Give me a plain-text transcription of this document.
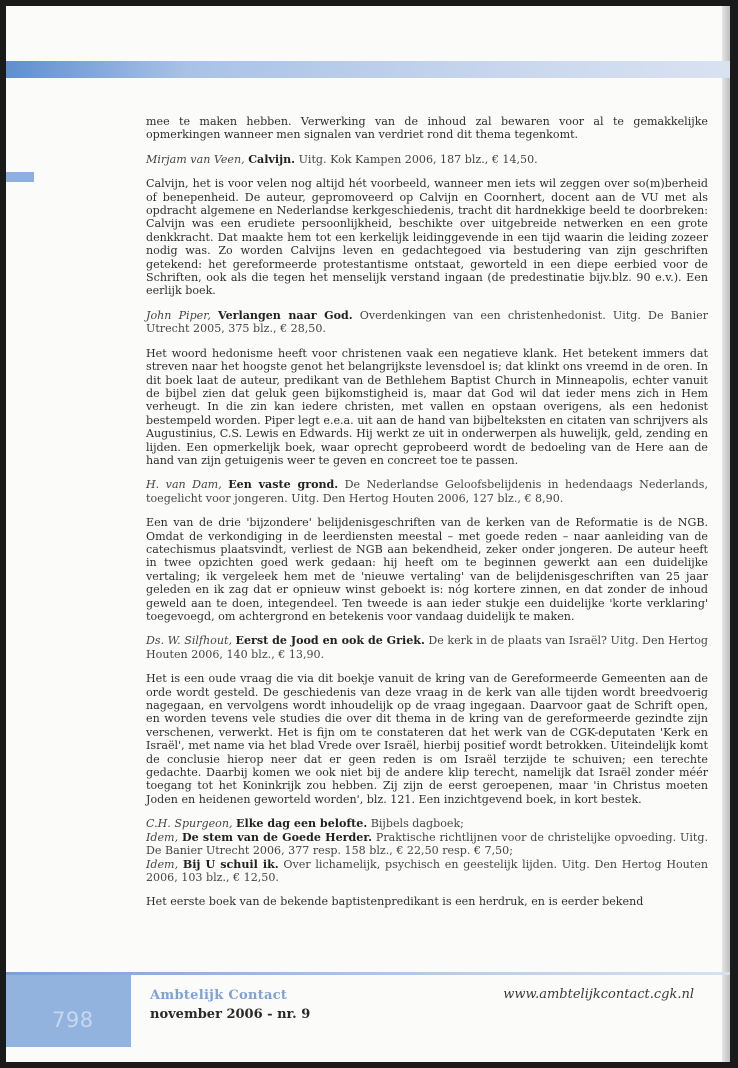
mee te maken hebben. Verwerking van de inhoud zal bewaren voor al te gemakkelijke opmerkingen wanneer men signalen van verdriet rond dit thema tegenkomt.

Mirjam van Veen, Calvijn. Uitg. Kok Kampen 2006, 187 blz., € 14,50.

Calvijn, het is voor velen nog altijd hét voorbeeld, wanneer men iets wil zeggen over so(m)berheid of benepenheid. De auteur, gepromoveerd op Calvijn en Coornhert, docent aan de VU met als opdracht algemene en Nederlandse kerkgeschiedenis, tracht dit hardnekkige beeld te doorbreken: Calvijn was een erudiete persoonlijkheid, beschikte over uitgebreide netwerken en een grote denkkracht. Dat maakte hem tot een kerkelijk leidinggevende in een tijd waarin die leiding zozeer nodig was. Zo worden Calvijns leven en gedachtegoed via bestudering van zijn geschriften getekend: het gereformeerde protestantisme ontstaat, geworteld in een diepe eerbied voor de Schriften, ook als die tegen het menselijk verstand ingaan (de predestinatie bijv.blz. 90 e.v.). Een eerlijk boek.

John Piper, Verlangen naar God. Overdenkingen van een christenhedonist. Uitg. De Banier Utrecht 2005, 375 blz., € 28,50.

Het woord hedonisme heeft voor christenen vaak een negatieve klank. Het betekent immers dat streven naar het hoogste genot het belangrijkste levensdoel is; dat klinkt ons vreemd in de oren. In dit boek laat de auteur, predikant van de Bethlehem Baptist Church in Minneapolis, echter vanuit de bijbel zien dat geluk geen bijkomstigheid is, maar dat God wil dat ieder mens zich in Hem verheugt. In die zin kan iedere christen, met vallen en opstaan overigens, als een hedonist bestempeld worden. Piper legt e.e.a. uit aan de hand van bijbelteksten en citaten van schrijvers als Augustinius, C.S. Lewis en Edwards. Hij werkt ze uit in onderwerpen als huwelijk, geld, zending en lijden. Een opmerkelijk boek, waar oprecht geprobeerd wordt de bedoeling van de Here aan de hand van zijn getuigenis weer te geven en concreet toe te passen.

H. van Dam, Een vaste grond. De Nederlandse Geloofsbelijdenis in hedendaags Nederlands, toegelicht voor jongeren. Uitg. Den Hertog Houten 2006, 127 blz., € 8,90.

Een van de drie 'bijzondere' belijdenisgeschriften van de kerken van de Reformatie is de NGB. Omdat de verkondiging in de leerdiensten meestal – met goede reden – naar aanleiding van de catechismus plaatsvindt, verliest de NGB aan bekendheid, zeker onder jongeren. De auteur heeft in twee opzichten goed werk gedaan: hij heeft om te beginnen gewerkt aan een duidelijke vertaling; ik vergeleek hem met de 'nieuwe vertaling' van de belijdenisgeschriften van 25 jaar geleden en ik zag dat er opnieuw winst geboekt is: nóg kortere zinnen, en dat zonder de inhoud geweld aan te doen, integendeel. Ten tweede is aan ieder stukje een duidelijke 'korte verklaring' toegevoegd, om achtergrond en betekenis voor vandaag duidelijk te maken.

Ds. W. Silfhout, Eerst de Jood en ook de Griek. De kerk in de plaats van Israël? Uitg. Den Hertog Houten 2006, 140 blz., € 13,90.

Het is een oude vraag die via dit boekje vanuit de kring van de Gereformeerde Gemeenten aan de orde wordt gesteld. De geschiedenis van deze vraag in de kerk van alle tijden wordt breedvoerig nagegaan, en vervolgens wordt inhoudelijk op de vraag ingegaan. Daarvoor gaat de Schrift open, en worden tevens vele studies die over dit thema in de kring van de gereformeerde gezindte zijn verschenen, verwerkt. Het is fijn om te constateren dat het werk van de CGK-deputaten 'Kerk en Israël', met name via het blad Vrede over Israël, hierbij positief wordt betrokken. Uiteindelijk komt de conclusie hierop neer dat er geen reden is om Israël terzijde te schuiven; een terechte gedachte. Daarbij komen we ook niet bij de andere klip terecht, namelijk dat Israël zonder méér toegang tot het Koninkrijk zou hebben. Zij zijn de eerst geroepenen, maar 'in Christus moeten Joden en heidenen geworteld worden', blz. 121. Een inzichtgevend boek, in kort bestek.

C.H. Spurgeon, Elke dag een belofte. Bijbels dagboek;
Idem, De stem van de Goede Herder. Praktische richtlijnen voor de christelijke opvoeding. Uitg. De Banier Utrecht 2006, 377 resp. 158 blz., € 22,50 resp. € 7,50;
Idem, Bij U schuil ik. Over lichamelijk, psychisch en geestelijk lijden. Uitg. Den Hertog Houten 2006, 103 blz., € 12,50.

Het eerste boek van de bekende baptistenpredikant is een herdruk, en is eerder bekend

798
Ambtelijk Contact
november 2006 - nr. 9
www.ambtelijkcontact.cgk.nl
